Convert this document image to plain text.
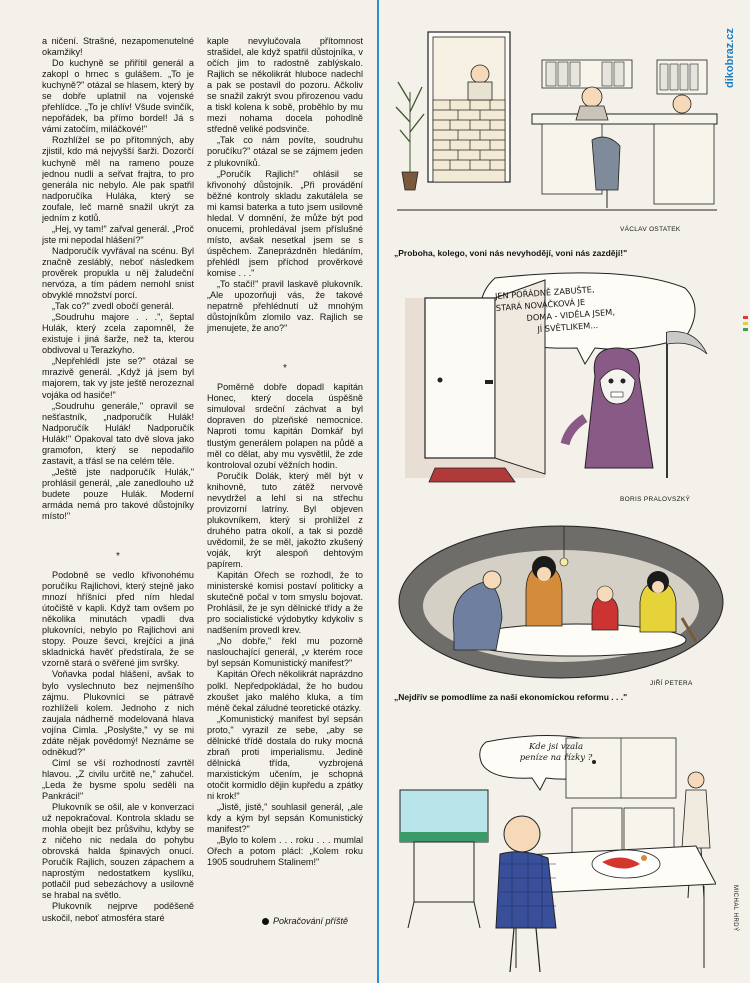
a ničení. Strašné, nezapomenutelné okamžiky!

Do kuchyně se přiřítil generál a zakopl o hrnec s gulášem. „To je kuchyně?" otázal se hlasem, který by se dobře uplatnil na vojenské přehlídce. „To je chlív! Všude svinčík, nepořádek, ba přímo bordel! Já s vámi zatočím, miláčkové!"

Rozhlížel se po přítomných, aby zjistil, kdo má nejvyšší šarži. Dozorčí kuchyně měl na rameno pouze jednou nudli a seřvat frajtra, to pro generála nic nebylo. Ale pak spatřil nadporučíka Huláka, který se zoufale, leč marně snažil ukrýt za jedním z kotlů.

„Hej, vy tam!" zařval generál. „Proč jste mi nepodal hlášení?"

Nadporučík vyvřával na scénu. Byl značně zesláblý, neboť následkem prověrek propukla u něj žaludeční nervóza, a tím pádem nemohl snist obvyklé množství porcí.

„Tak co?" zvedl obočí generál.

„Soudruhu majore . . .", šeptal Hulák, který zcela zapomněl, že existuje i jiná šarže, než ta, kterou obdivoval u Terazkyho.

„Nepřehlédl jste se?" otázal se mrazivě generál. „Když já jsem byl majorem, tak vy jste ještě nerozeznal vojáka od hasiče!"

„Soudruhu generále," opravil se nešťastník, „nadporučík Hulák! Nadporučík Hulák! Nadporučík Hulák!" Opakoval tato dvě slova jako gramofon, který se nepodařilo zastavit, a třásl se na celém těle.

„Ještě jste nadporučík Hulák," prohlásil generál, „ale zanedlouho už budete pouze Hulák. Moderní armáda nemá pro takové důstojníky místo!"

*

Podobně se vedlo křivonohému poručíku Rajlichovi, který stejně jako mnozí hříšníci před ním hledal útočiště v kapli. Když tam ovšem po několika minutách vpadli dva plukovníci, nebylo po Rajlichovi ani stopy. Pouze ševci, krejčíci a jiná skladnická havěť předstírala, že se vzorně stará o svěřené jim svršky.

Voňavka podal hlášení, avšak to bylo vyslechnuto bez nejmenšího zájmu. Plukovníci se pátravě rozhlíželi kolem. Jednoho z nich zaujala nádherně modelovaná hlava vojína Cimla. „Poslyšte," vy se mi zdáte nějak povědomý! Neznáme se odněkud?"

Ciml se vší rozhodností zavrtěl hlavou. „Z civilu určitě ne," zahučel. „Leda že bysme spolu seděli na Pankráci!"

Plukovník se ošil, ale v konverzaci už nepokračoval. Kontrola skladu se mohla obejít bez průšvihu, kdyby se z ničeho nic nedala do pohybu obrovská halda špinavých onucí. Poručík Rajlich, souzen zápachem a naprostým nedostatkem kyslíku, potlačil pud sebezáchovy a usilovně se hrabal na světlo.

Plukovník nejprve poděšeně uskočil, neboť atmosféra staré

kaple nevylučovala přítomnost strašidel, ale když spatřil důstojníka, v očích jim to radostně zablýskalo. Rajlich se několikrát hluboce nadechl a pak se postavil do pozoru. Ačkoliv se snažil zakrýt svou přirozenou vadu a tiskl kolena k sobě, proběhlo by mu mezi nohama docela pohodlně středně veliké podsvinče.

„Tak co nám povíte, soudruhu poručíku?" otázal se se zájmem jeden z plukovníků.

„Poručík Rajlich!" ohlásil se křivonohý důstojník. „Při provádění běžné kontroly skladu zakutálela se mi kamsi baterka a tuto jsem usilovně hledal. V domnění, že může být pod onucemi, prohledával jsem příslušné místo, avšak nesetkal jsem se s úspěchem. Zaneprázdněn hledáním, přehlédl jsem příchod prověrkové komise . . ."

„To stačí!" pravil laskavě plukovník. „Ale upozorňuji vás, že takové nepatrně přehlédnutí už mnohým důstojníkům zlomilo vaz. Rajlich se jmenujete, že ano?"

*

Poměrně dobře dopadl kapitán Honec, který docela úspěšně simuloval srdeční záchvat a byl dopraven do plzeňské nemocnice. Naproti tomu kapitán Domkář byl tlustým generálem polapen na půdě a měl co dělat, aby mu vysvětlil, že zde kontroloval ozubí věžních hodin.

Poručík Dolák, který měl být v knihovně, tuto zátěž nervově nevydržel a lehl si na střechu provizorní latríny. Byl objeven plukovníkem, který si prohlížel z druhého patra okolí, a tak si pozdě uvědomil, že se měl, jakožto zkušený voják, krýt alespoň dehtovým papírem.

Kapitán Ořech se rozhodl, že to ministerské komisi postaví politicky a skutečně počal v tom smyslu bojovat. Prohlásil, že je syn dělnické třídy a že pro socialistické výdobytky kdykoliv s nadšením provedl krev.

„No dobře," řekl mu pozorně naslouchající generál, „v kterém roce byl sepsán Komunistický manifest?"

Kapitán Ořech několikrát naprázdno polkl. Nepředpokládal, že ho budou zkoušet jako malého kluka, a tím méně čekal záludné teoretické otázky.

„Komunistický manifest byl sepsán proto," vyrazil ze sebe, „aby se dělnické třídě dostala do ruky mocná zbraň proti imperialismu. Jedině dělnická třída, vyzbrojená marxistickým učením, je schopná otočit kormidlo dějin kupředu a zpátky ni krok!"

„Jistě, jistě," souhlasil generál, „ale kdy a kým byl sepsán Komunistický manifest?"

„Bylo to kolem . . . roku . . . mumlal Ořech a potom plácl: „Kolem roku 1905 soudruhem Stalinem!"

Pokračování příště
VÁCLAV OSTATEK
„Proboha, kolego, voni nás nevyhodějí, voni nás zazdějí!"
JEN POŘÁDNĚ ZABUŠTE,
STARÁ NOVÁČKOVÁ JE
DOMA - VIDĚLA JSEM,
JÍ SVĚTLIKEM...
BORIS PRALOVSZKÝ
JIŘÍ PETERA
„Nejdřív se pomodlíme za naši ekonomickou reformu . . ."
Kde jsi vzala
peníze na řízky ?
MICHAL HRDÝ
dikobraz.cz
